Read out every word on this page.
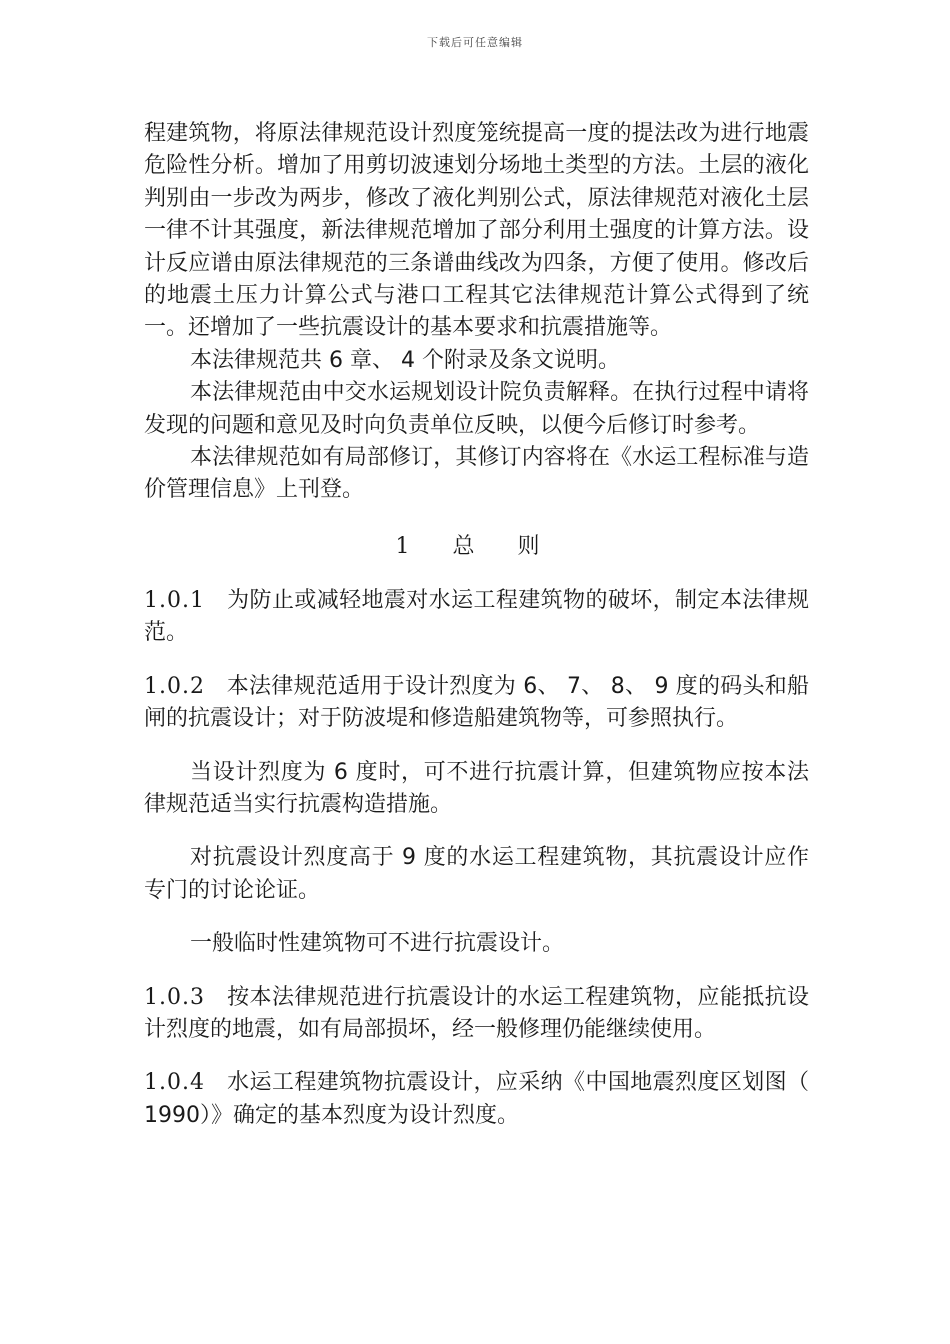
下载后可任意编辑

程建筑物，将原法律规范设计烈度笼统提高一度的提法改为进行地震危险性分析。增加了用剪切波速划分场地土类型的方法。土层的液化判别由一步改为两步，修改了液化判别公式，原法律规范对液化土层一律不计其强度，新法律规范增加了部分利用土强度的计算方法。设计反应谱由原法律规范的三条谱曲线改为四条，方便了使用。修改后的地震土压力计算公式与港口工程其它法律规范计算公式得到了统一。还增加了一些抗震设计的基本要求和抗震措施等。

本法律规范共 6 章、 4 个附录及条文说明。

本法律规范由中交水运规划设计院负责解释。在执行过程中请将发现的问题和意见及时向负责单位反映，以便今后修订时参考。

本法律规范如有局部修订，其修订内容将在《水运工程标准与造价管理信息》上刊登。

1 总 则

1.0.1 为防止或减轻地震对水运工程建筑物的破坏，制定本法律规范。

1.0.2 本法律规范适用于设计烈度为 6、 7、 8、 9 度的码头和船闸的抗震设计；对于防波堤和修造船建筑物等，可参照执行。

当设计烈度为 6 度时，可不进行抗震计算，但建筑物应按本法律规范适当实行抗震构造措施。

对抗震设计烈度高于 9 度的水运工程建筑物，其抗震设计应作专门的讨论论证。

一般临时性建筑物可不进行抗震设计。

1.0.3 按本法律规范进行抗震设计的水运工程建筑物，应能抵抗设计烈度的地震，如有局部损坏，经一般修理仍能继续使用。

1.0.4 水运工程建筑物抗震设计，应采纳《中国地震烈度区划图（ 1990）》确定的基本烈度为设计烈度。
